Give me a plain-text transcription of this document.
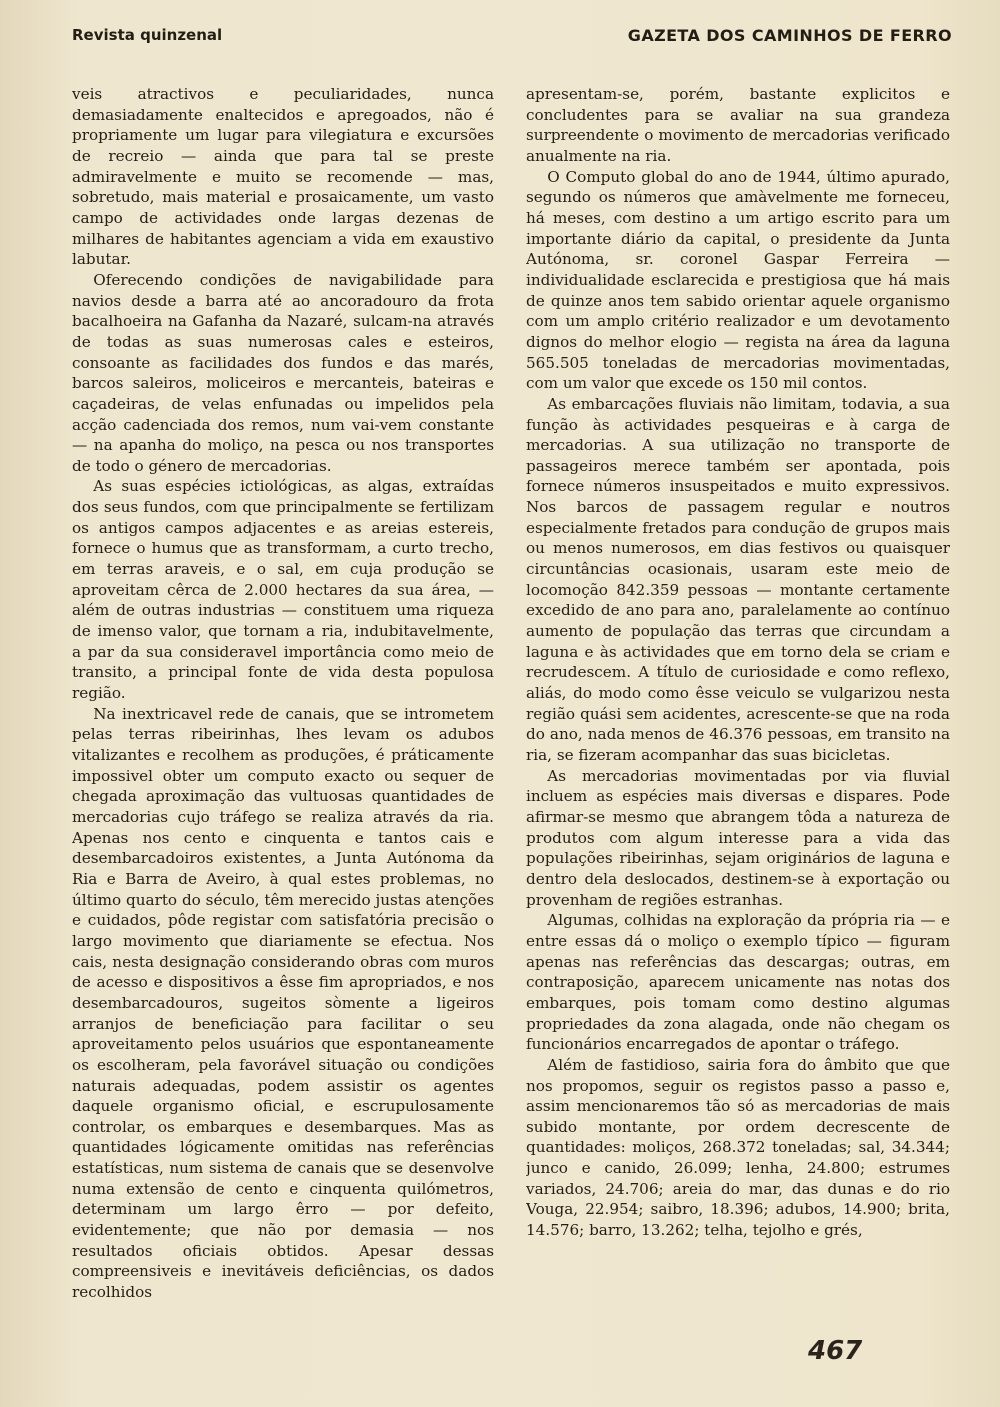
Revista quinzenal	GAZETA DOS CAMINHOS DE FERRO

veis atractivos e peculiaridades, nunca demasiadamente enaltecidos e apregoados, não é propriamente um lugar para vilegiatura e excursões de recreio — ainda que para tal se preste admiravelmente e muito se recomende — mas, sobretudo, mais material e prosaicamente, um vasto campo de actividades onde largas dezenas de milhares de habitantes agenciam a vida em exaustivo labutar.

Oferecendo condições de navigabilidade para navios desde a barra até ao ancoradouro da frota bacalhoeira na Gafanha da Nazaré, sulcam-na através de todas as suas numerosas cales e esteiros, consoante as facilidades dos fundos e das marés, barcos saleiros, moliceiros e mercanteis, bateiras e caçadeiras, de velas enfunadas ou impelidos pela acção cadenciada dos remos, num vai-vem constante — na apanha do moliço, na pesca ou nos transportes de todo o género de mercadorias.

As suas espécies ictiológicas, as algas, extraídas dos seus fundos, com que principalmente se fertilizam os antigos campos adjacentes e as areias estereis, fornece o humus que as transformam, a curto trecho, em terras araveis, e o sal, em cuja produção se aproveitam cêrca de 2.000 hectares da sua área, — além de outras industrias — constituem uma riqueza de imenso valor, que tornam a ria, indubitavelmente, a par da sua consideravel importância como meio de transito, a principal fonte de vida desta populosa região.

Na inextricavel rede de canais, que se intrometem pelas terras ribeirinhas, lhes levam os adubos vitalizantes e recolhem as produções, é práticamente impossivel obter um computo exacto ou sequer de chegada aproximação das vultuosas quantidades de mercadorias cujo tráfego se realiza através da ria. Apenas nos cento e cinquenta e tantos cais e desembarcadoiros existentes, a Junta Autónoma da Ria e Barra de Aveiro, à qual estes problemas, no último quarto do século, têm merecido justas atenções e cuidados, pôde registar com satisfatória precisão o largo movimento que diariamente se efectua. Nos cais, nesta designação considerando obras com muros de acesso e dispositivos a êsse fim apropriados, e nos desembarcadouros, sugeitos sòmente a ligeiros arranjos de beneficiação para facilitar o seu aproveitamento pelos usuários que espontaneamente os escolheram, pela favorável situação ou condições naturais adequadas, podem assistir os agentes daquele organismo oficial, e escrupulosamente controlar, os embarques e desembarques. Mas as quantidades lógicamente omitidas nas referências estatísticas, num sistema de canais que se desenvolve numa extensão de cento e cinquenta quilómetros, determinam um largo êrro — por defeito, evidentemente; que não por demasia — nos resultados oficiais obtidos. Apesar dessas compreensiveis e inevitáveis deficiências, os dados recolhidos

apresentam-se, porém, bastante explicitos e concludentes para se avaliar na sua grandeza surpreendente o movimento de mercadorias verificado anualmente na ria.

O Computo global do ano de 1944, último apurado, segundo os números que amàvelmente me forneceu, há meses, com destino a um artigo escrito para um importante diário da capital, o presidente da Junta Autónoma, sr. coronel Gaspar Ferreira — individualidade esclarecida e prestigiosa que há mais de quinze anos tem sabido orientar aquele organismo com um amplo critério realizador e um devotamento dignos do melhor elogio — regista na área da laguna 565.505 toneladas de mercadorias movimentadas, com um valor que excede os 150 mil contos.

As embarcações fluviais não limitam, todavia, a sua função às actividades pesqueiras e à carga de mercadorias. A sua utilização no transporte de passageiros merece também ser apontada, pois fornece números insuspeitados e muito expressivos. Nos barcos de passagem regular e noutros especialmente fretados para condução de grupos mais ou menos numerosos, em dias festivos ou quaisquer circuntâncias ocasionais, usaram este meio de locomoção 842.359 pessoas — montante certamente excedido de ano para ano, paralelamente ao contínuo aumento de população das terras que circundam a laguna e às actividades que em torno dela se criam e recrudescem. A título de curiosidade e como reflexo, aliás, do modo como êsse veiculo se vulgarizou nesta região quási sem acidentes, acrescente-se que na roda do ano, nada menos de 46.376 pessoas, em transito na ria, se fizeram acompanhar das suas bicicletas.

As mercadorias movimentadas por via fluvial incluem as espécies mais diversas e dispares. Pode afirmar-se mesmo que abrangem tôda a natureza de produtos com algum interesse para a vida das populações ribeirinhas, sejam originários de laguna e dentro dela deslocados, destinem-se à exportação ou provenham de regiões estranhas.

Algumas, colhidas na exploração da própria ria — e entre essas dá o moliço o exemplo típico — figuram apenas nas referências das descargas; outras, em contraposição, aparecem unicamente nas notas dos embarques, pois tomam como destino algumas propriedades da zona alagada, onde não chegam os funcionários encarregados de apontar o tráfego.

Além de fastidioso, sairia fora do âmbito que que nos propomos, seguir os registos passo a passo e, assim mencionaremos tão só as mercadorias de mais subido montante, por ordem decrescente de quantidades: moliços, 268.372 toneladas; sal, 34.344; junco e canido, 26.099; lenha, 24.800; estrumes variados, 24.706; areia do mar, das dunas e do rio Vouga, 22.954; saibro, 18.396; adubos, 14.900; brita, 14.576; barro, 13.262; telha, tejolho e grés,

467
